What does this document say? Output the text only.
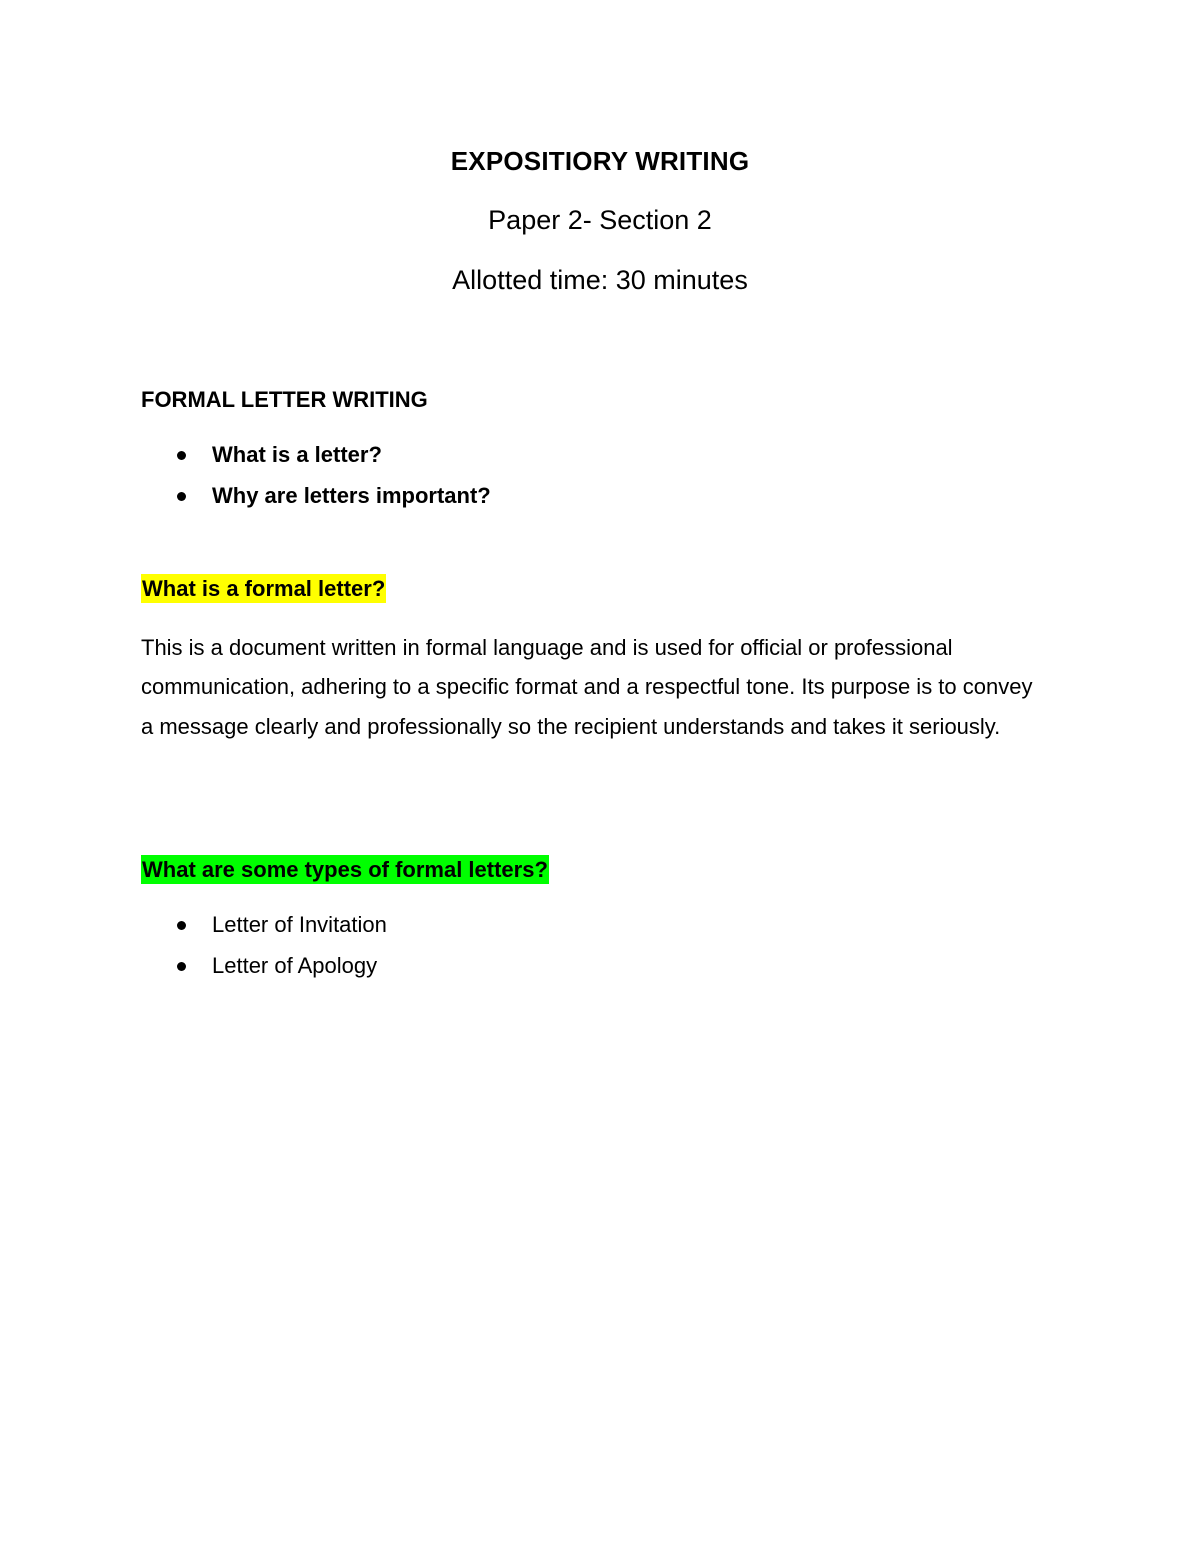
EXPOSITIORY WRITING
Paper 2- Section 2
Allotted time: 30 minutes
FORMAL LETTER WRITING
What is a letter?
Why are letters important?
What is a formal letter?

This is a document written in formal language and is used for official or professional communication, adhering to a specific format and a respectful tone. Its purpose is to convey a message clearly and professionally so the recipient understands and takes it seriously.

What are some types of formal letters?
Letter of Invitation
Letter of Apology
